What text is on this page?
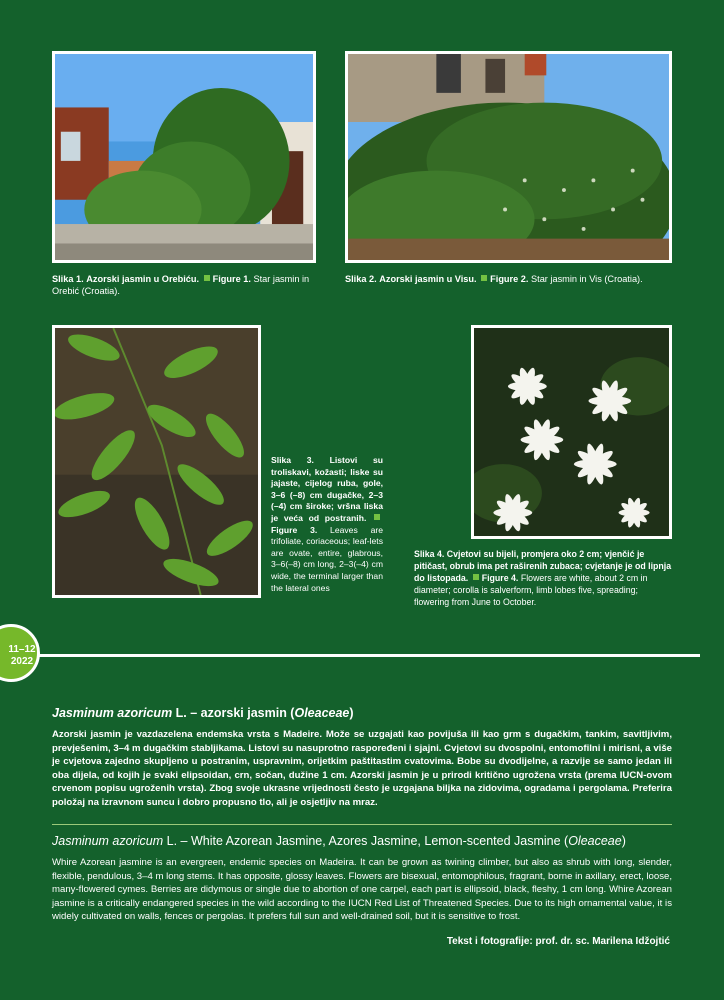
Slika 1. Azorski jasmin u Orebiću. Figure 1. Star jasmin in Orebić (Croatia).
Slika 2. Azorski jasmin u Visu. Figure 2. Star jasmin in Vis (Croatia).
Slika 3. Listovi su troliskavi, kožasti; liske su jajaste, cijelog ruba, gole, 3–6 (–8) cm dugačke, 2–3 (–4) cm široke; vršna liska je veća od postranih. Figure 3. Leaves are trifoliate, coriaceous; leaf-lets are ovate, entire, glabrous, 3–6(–8) cm long, 2–3(–4) cm wide, the terminal larger than the lateral ones
Slika 4. Cvjetovi su bijeli, promjera oko 2 cm; vjenčić je pitičast, obrub ima pet raširenih zubaca; cvjetanje je od lipnja do listopada. Figure 4. Flowers are white, about 2 cm in diameter; corolla is salverform, limb lobes five, spreading; flowering from June to October.
11–12
2022
Jasminum azoricum L. – azorski jasmin (Oleaceae)
Azorski jasmin je vazdazelena endemska vrsta s Madeire. Može se uzgajati kao povijuša ili kao grm s dugačkim, tankim, savitljivim, prevješenim, 3–4 m dugačkim stabljikama. Listovi su nasuprotno raspoređeni i sjajni. Cvjetovi su dvospolni, entomofilni i mirisni, a više je cvjetova zajedno skupljeno u postranim, uspravnim, orijetkim paštitastim cvatovima. Bobe su dvodijelne, a razvije se samo jedan ili oba dijela, od kojih je svaki elipsoidan, crn, sočan, dužine 1 cm. Azorski jasmin je u prirodi kritično ugrožena vrsta (prema IUCN-ovom crvenom popisu ugroženih vrsta). Zbog svoje ukrasne vrijednosti često je uzgajana biljka na zidovima, ogradama i pergolama. Preferira položaj na izravnom suncu i dobro propusno tlo, ali je osjetljiv na mraz.
Jasminum azoricum L. – White Azorean Jasmine, Azores Jasmine, Lemon-scented Jasmine (Oleaceae)
Whire Azorean jasmine is an evergreen, endemic species on Madeira. It can be grown as twining climber, but also as shrub with long, slender, flexible, pendulous, 3–4 m long stems. It has opposite, glossy leaves. Flowers are bisexual, entomophilous, fragrant, borne in axillary, erect, loose, many-flowered cymes. Berries are didymous or single due to abortion of one carpel, each part is ellipsoid, black, fleshy, 1 cm long. Whire Azorean jasmine is a critically endangered species in the wild according to the IUCN Red List of Threatened Species. Due to its high ornamental value, it is widely cultivated on walls, fences or pergolas. It prefers full sun and well-drained soil, but it is sensitive to frost.
Tekst i fotografije: prof. dr. sc. Marilena Idžojtić
